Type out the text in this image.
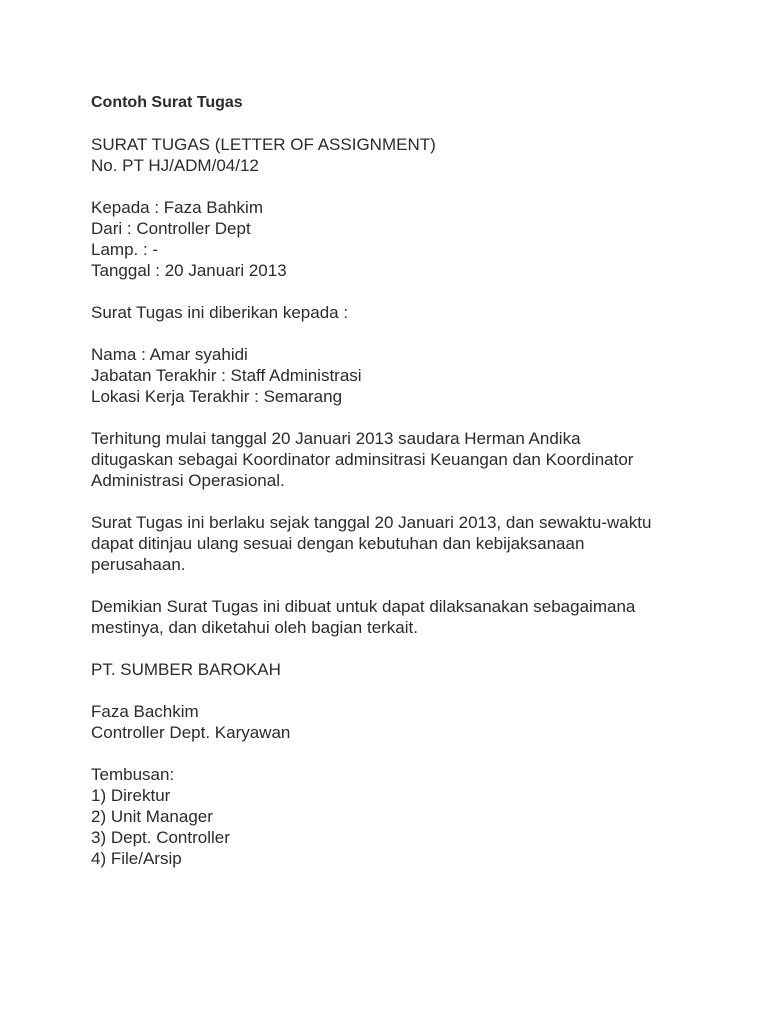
Contoh Surat Tugas
SURAT TUGAS (LETTER OF ASSIGNMENT)
No. PT HJ/ADM/04/12
Kepada : Faza Bahkim
Dari : Controller Dept
Lamp. : -
Tanggal : 20 Januari 2013
Surat Tugas ini diberikan kepada :
Nama : Amar syahidi
Jabatan Terakhir : Staff Administrasi
Lokasi Kerja Terakhir : Semarang
Terhitung mulai tanggal 20 Januari 2013 saudara Herman Andika
ditugaskan sebagai Koordinator adminsitrasi Keuangan dan Koordinator
Administrasi Operasional.
Surat Tugas ini berlaku sejak tanggal 20 Januari 2013, dan sewaktu-waktu
dapat ditinjau ulang sesuai dengan kebutuhan dan kebijaksanaan
perusahaan.
Demikian Surat Tugas ini dibuat untuk dapat dilaksanakan sebagaimana
mestinya, dan diketahui oleh bagian terkait.
PT. SUMBER BAROKAH
Faza Bachkim
Controller Dept. Karyawan
Tembusan:
1) Direktur
2) Unit Manager
3) Dept. Controller
4) File/Arsip
